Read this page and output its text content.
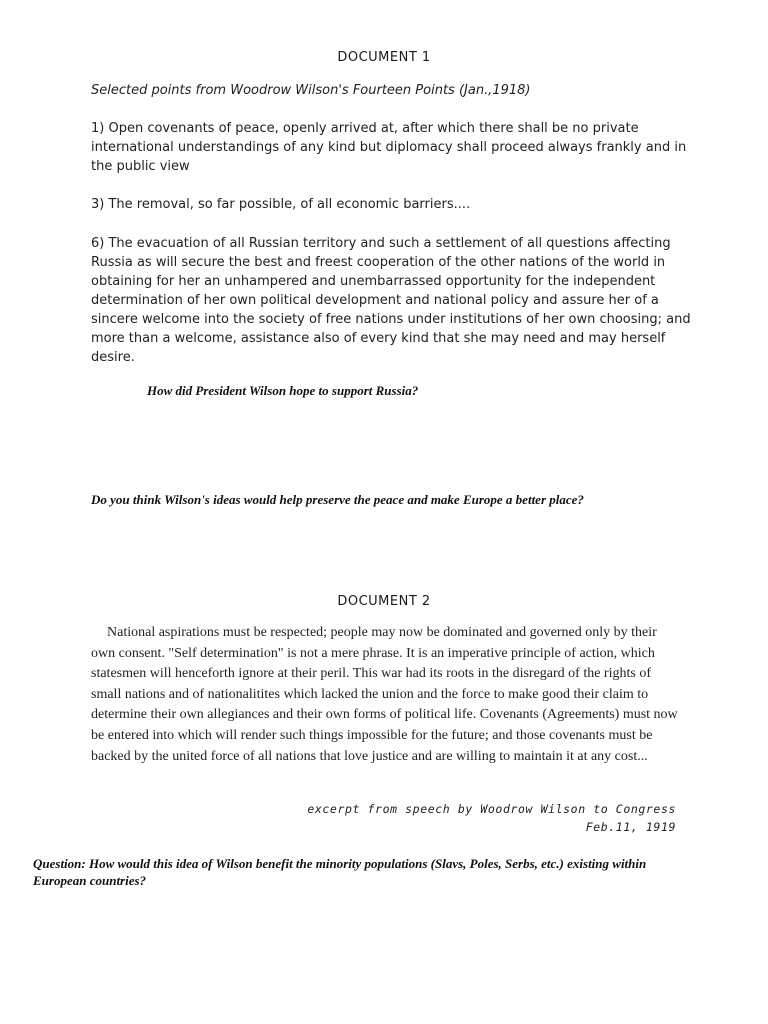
DOCUMENT 1

Selected points from Woodrow Wilson's Fourteen Points (Jan.,1918)

1) Open covenants of peace, openly arrived at, after which there shall be no private international understandings of any kind but diplomacy shall proceed always frankly and in the public view

3) The removal, so far possible, of all economic barriers....

6) The evacuation of all Russian territory and such a settlement of all questions affecting Russia as will secure the best and freest cooperation of the other nations of the world in obtaining for her an unhampered and unembarrassed opportunity for the independent determination of her own political development and national policy and assure her of a sincere welcome into the society of free nations under institutions of her own choosing; and more than a welcome, assistance also of every kind that she may need and may herself desire.

How did President Wilson hope to support Russia?

Do you think Wilson's ideas would help preserve the peace and make Europe a better place?

DOCUMENT 2

National aspirations must be respected; people may now be dominated and governed only by their own consent. "Self determination" is not a mere phrase. It is an imperative principle of action, which statesmen will henceforth ignore at their peril. This war had its roots in the disregard of the rights of small nations and of nationalitites which lacked the union and the force to make good their claim to determine their own allegiances and their own forms of political life. Covenants (Agreements) must now be entered into which will render such things impossible for the future; and those covenants must be backed by the united force of all nations that love justice and are willing to maintain it at any cost...

excerpt from speech by Woodrow Wilson to Congress

Feb.11, 1919

Question: How would this idea of Wilson benefit the minority populations (Slavs, Poles, Serbs, etc.) existing within European countries?
